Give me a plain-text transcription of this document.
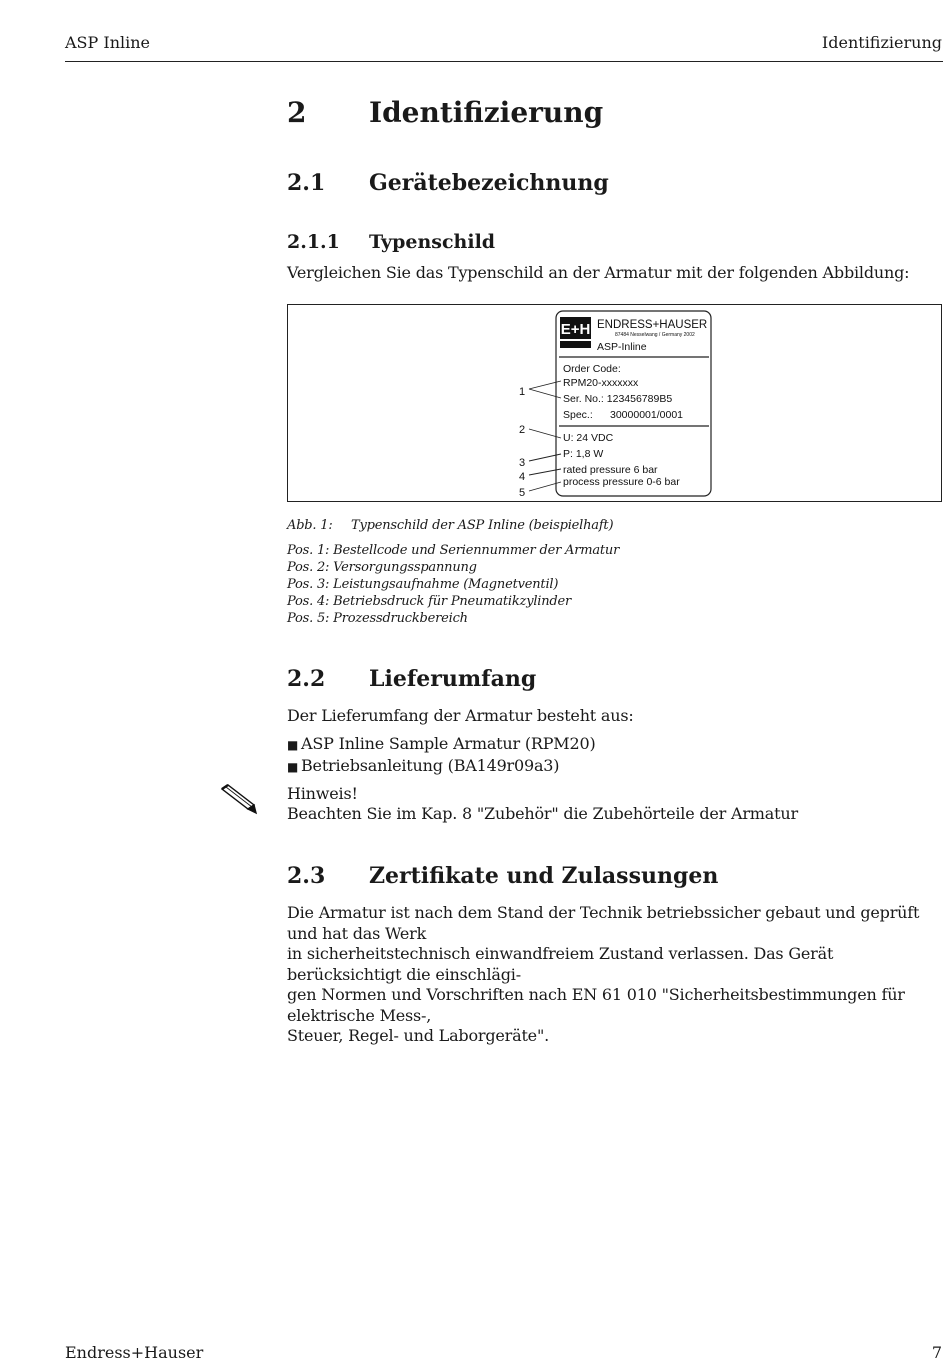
ASP Inline	Identifizierung
2 Identifizierung
2.1 Gerätebezeichnung
2.1.1 Typenschild
Vergleichen Sie das Typenschild an der Armatur mit der folgenden Abbildung:
E+H ENDRESS+HAUSER
87484 Nesselwang / Germany 2002
ASP-Inline
Order Code:
RPM20-xxxxxxx
Ser. No.: 123456789B5
Spec.: 30000001/0001
U: 24 VDC
P: 1,8 W
rated pressure 6 bar
process pressure 0-6 bar
1
2
3
4
5
Abb. 1: Typenschild der ASP Inline (beispielhaft)
Pos. 1: Bestellcode und Seriennummer der Armatur
Pos. 2: Versorgungsspannung
Pos. 3: Leistungsaufnahme (Magnetventil)
Pos. 4: Betriebsdruck für Pneumatikzylinder
Pos. 5: Prozessdruckbereich
2.2 Lieferumfang
Der Lieferumfang der Armatur besteht aus:
■ ASP Inline Sample Armatur (RPM20)
■ Betriebsanleitung (BA149r09a3)
Hinweis!
Beachten Sie im Kap. 8 "Zubehör" die Zubehörteile der Armatur
2.3 Zertifikate und Zulassungen
Die Armatur ist nach dem Stand der Technik betriebssicher gebaut und geprüft und hat das Werk
in sicherheitstechnisch einwandfreiem Zustand verlassen. Das Gerät berücksichtigt die einschlägi-
gen Normen und Vorschriften nach EN 61 010 "Sicherheitsbestimmungen für elektrische Mess-,
Steuer, Regel- und Laborgeräte".
Endress+Hauser	7
